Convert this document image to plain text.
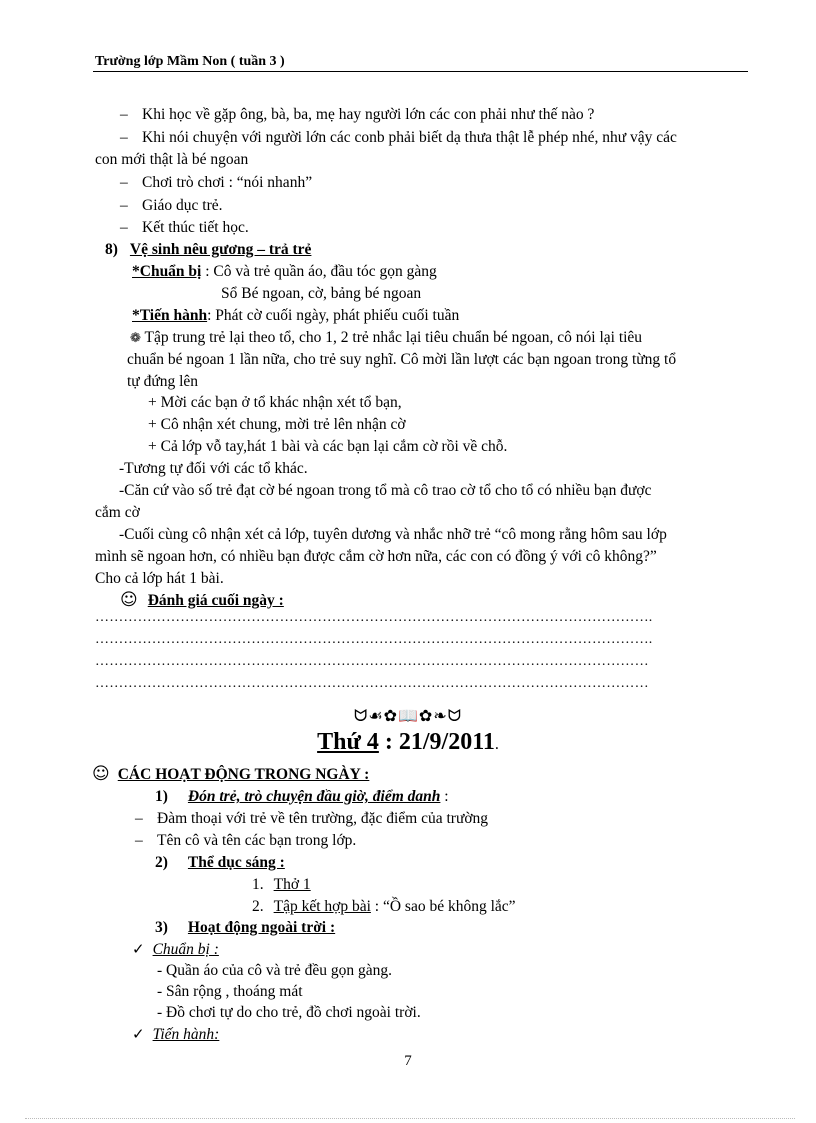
Trường lớp Mầm Non ( tuần 3 )
– Khi học về gặp ông, bà, ba, mẹ hay người lớn các con phải như thế nào ?
– Khi nói chuyện với người lớn các conb phải biết dạ thưa thật lễ phép nhé, như vậy các
con mới thật là bé ngoan
– Chơi trò chơi : “nói nhanh”
– Giáo dục trẻ.
– Kết thúc tiết học.
8) Vệ sinh nêu gương – trả trẻ
*Chuẩn bị : Cô và trẻ quần áo, đầu tóc gọn gàng
Sổ Bé ngoan, cờ, bảng bé ngoan
*Tiến hành: Phát cờ cuối ngày, phát phiếu cuối tuần
❁ Tập trung trẻ lại theo tổ, cho 1, 2 trẻ nhắc lại tiêu chuẩn bé ngoan, cô nói lại tiêu
chuẩn bé ngoan 1 lần nữa, cho trẻ suy nghĩ. Cô mời lần lượt các bạn ngoan trong từng tổ
tự đứng lên
+ Mời các bạn ở tổ khác nhận xét tổ bạn,
+ Cô nhận xét chung, mời trẻ lên nhận cờ
+ Cả lớp vỗ tay,hát 1 bài và các bạn lại cắm cờ rồi về chỗ.
-Tương tự đối với các tổ khác.
-Căn cứ vào số trẻ đạt cờ bé ngoan trong tổ mà cô trao cờ tổ cho tổ có nhiều bạn được
cắm cờ
-Cuối cùng cô nhận xét cả lớp, tuyên dương và nhắc nhỡ trẻ “cô mong rằng hôm sau lớp
mình sẽ ngoan hơn, có nhiều bạn được cắm cờ hơn nữa, các con có đồng ý với cô không?”
Cho cả lớp hát 1 bài.
☺ Đánh giá cuối ngày :
……………………………………………………………………………………………………….
……………………………………………………………………………………………………….
………………………………………………………………………………………………………
………………………………………………………………………………………………………
ᗢ☙✿📖✿❧ᗢ
Thứ 4 : 21/9/2011.
☺ CÁC HOẠT ĐỘNG TRONG NGÀY :
1) Đón trẻ, trò chuyện đầu giờ, điểm danh :
– Đàm thoại với trẻ về tên trường, đặc điểm của trường
– Tên cô và tên các bạn trong lớp.
2) Thể dục sáng :
1. Thở 1
2. Tập kết hợp bài : “Ồ sao bé không lắc”
3) Hoạt động ngoài trời :
✓ Chuẩn bị :
- Quần áo của cô và trẻ đều gọn gàng.
- Sân rộng , thoáng mát
- Đồ chơi tự do cho trẻ, đồ chơi ngoài trời.
✓ Tiến hành:
7
